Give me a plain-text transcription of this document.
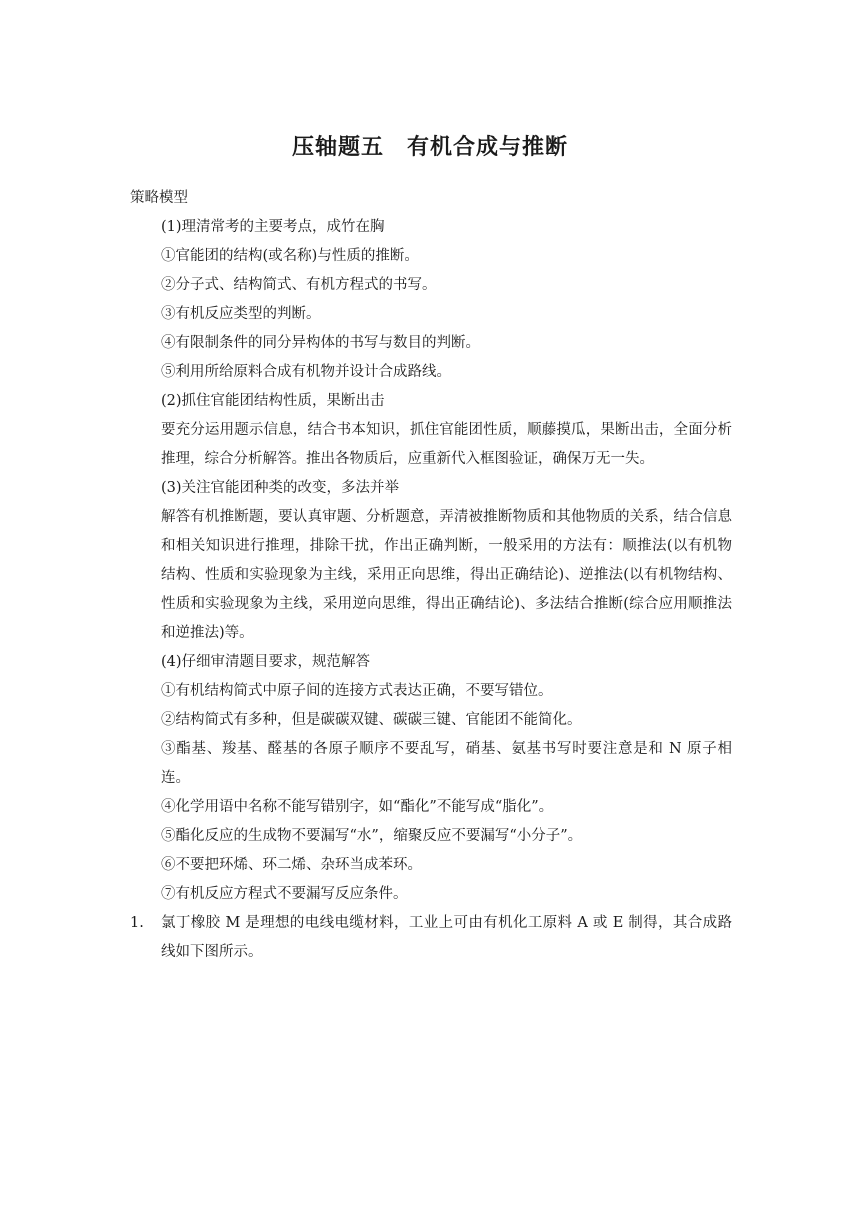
压轴题五　有机合成与推断

策略模型

(1)理清常考的主要考点，成竹在胸

①官能团的结构(或名称)与性质的推断。

②分子式、结构简式、有机方程式的书写。

③有机反应类型的判断。

④有限制条件的同分异构体的书写与数目的判断。

⑤利用所给原料合成有机物并设计合成路线。

(2)抓住官能团结构性质，果断出击

要充分运用题示信息，结合书本知识，抓住官能团性质，顺藤摸瓜，果断出击，全面分析推理，综合分析解答。推出各物质后，应重新代入框图验证，确保万无一失。

(3)关注官能团种类的改变，多法并举

解答有机推断题，要认真审题、分析题意，弄清被推断物质和其他物质的关系，结合信息和相关知识进行推理，排除干扰，作出正确判断，一般采用的方法有：顺推法(以有机物结构、性质和实验现象为主线，采用正向思维，得出正确结论)、逆推法(以有机物结构、性质和实验现象为主线，采用逆向思维，得出正确结论)、多法结合推断(综合应用顺推法和逆推法)等。

(4)仔细审清题目要求，规范解答

①有机结构简式中原子间的连接方式表达正确，不要写错位。

②结构简式有多种，但是碳碳双键、碳碳三键、官能团不能简化。

③酯基、羧基、醛基的各原子顺序不要乱写，硝基、氨基书写时要注意是和 N 原子相连。

④化学用语中名称不能写错别字，如“酯化”不能写成“脂化”。

⑤酯化反应的生成物不要漏写“水”，缩聚反应不要漏写“小分子”。

⑥不要把环烯、环二烯、杂环当成苯环。

⑦有机反应方程式不要漏写反应条件。

1. 氯丁橡胶 M 是理想的电线电缆材料，工业上可由有机化工原料 A 或 E 制得，其合成路线如下图所示。
